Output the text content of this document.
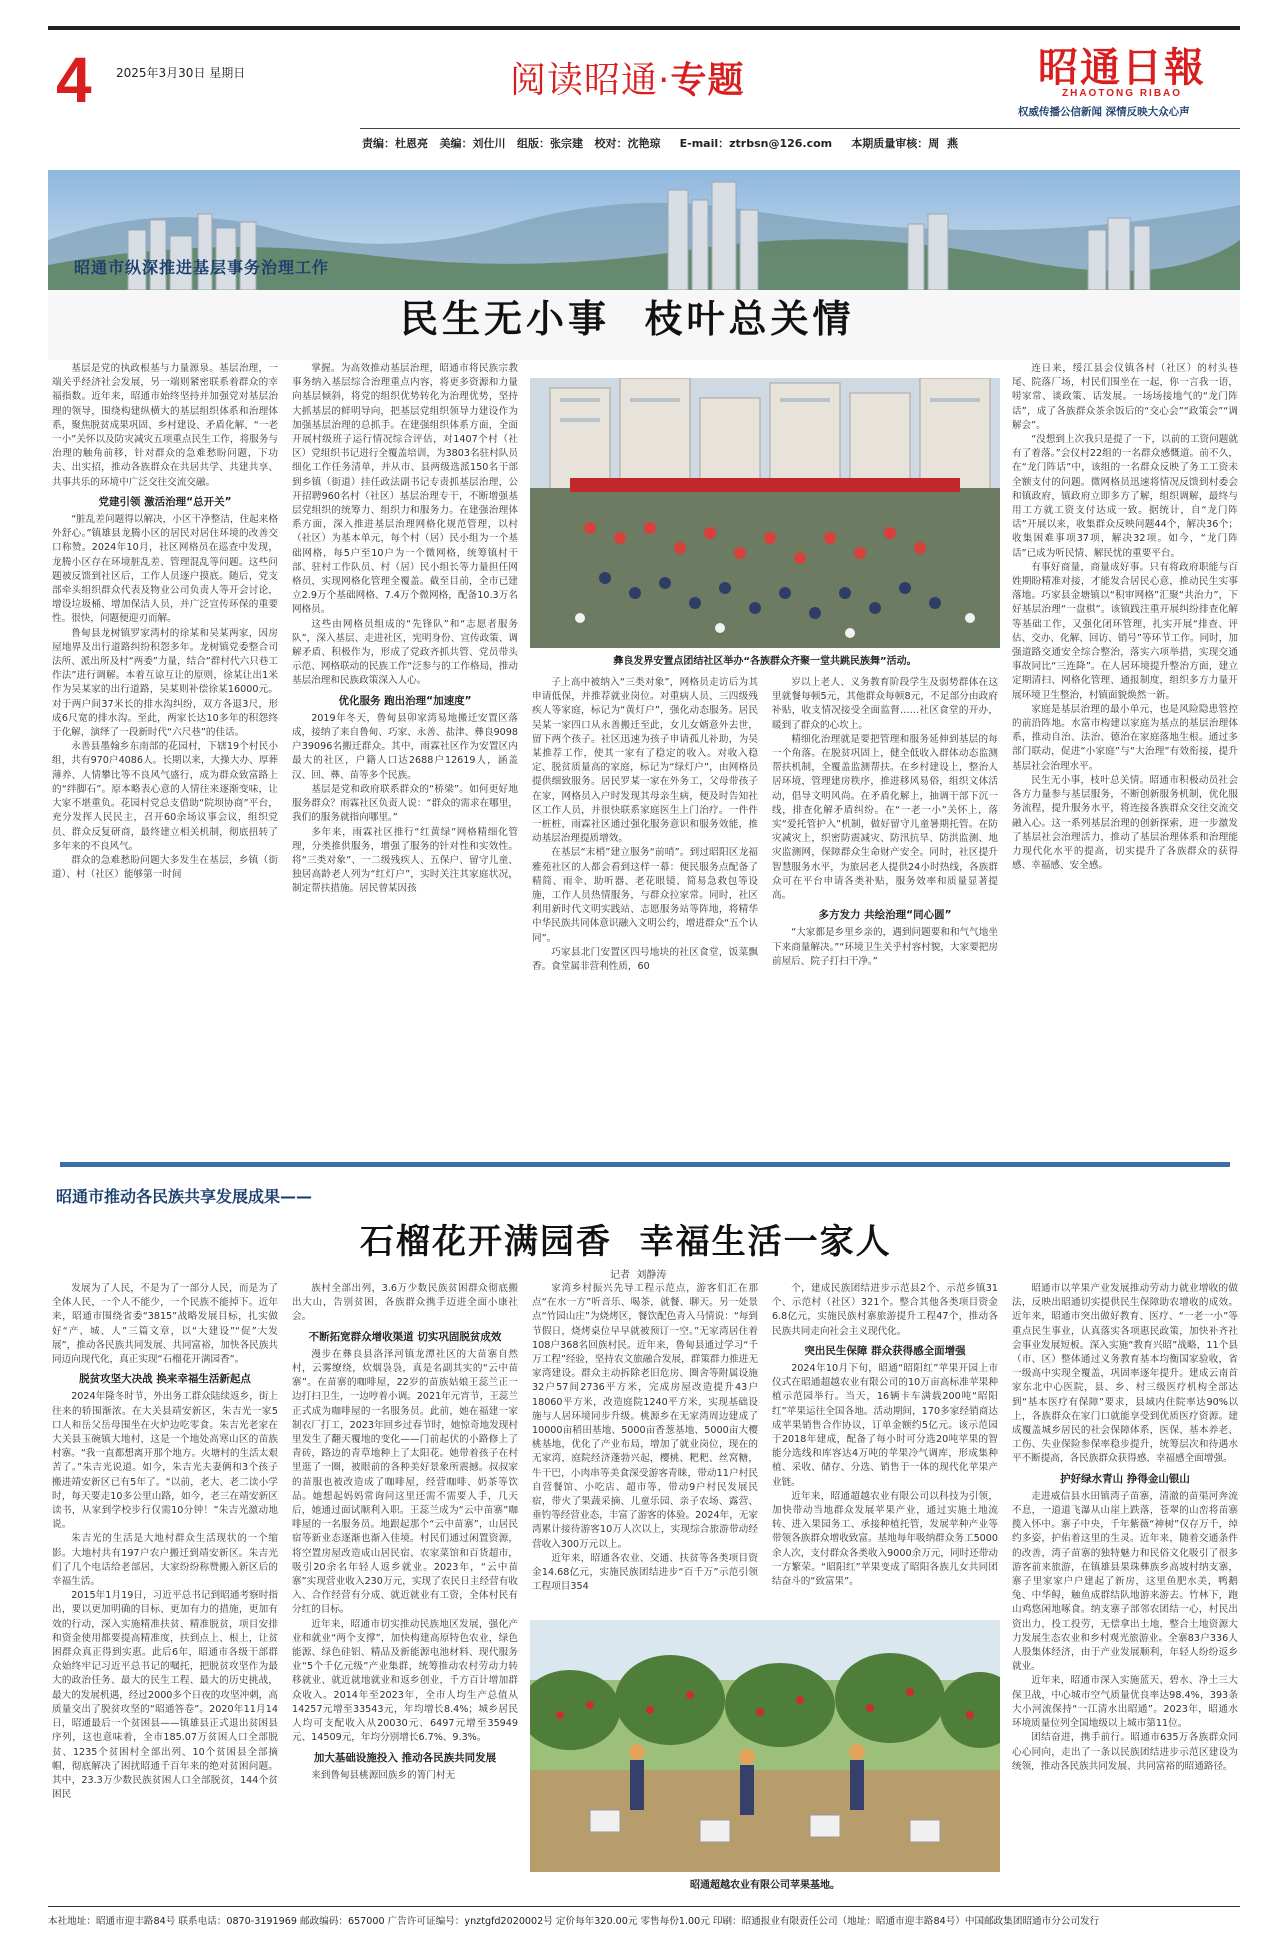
4 2025年3月30日 星期日	阅读昭通·专题	昭通日報
ZHAOTONG RIBAO
权威传播公信新闻 深情反映大众心声
责编：杜恩亮   美编：刘仕川   组版：张宗建   校对：沈艳琼     E-mail：ztrbsn@126.com     本期质量审核：周  燕
昭通市纵深推进基层事务治理工作
民生无小事  枝叶总关情

基层是党的执政根基与力量源泉。基层治理，一端关乎经济社会发展，另一端则紧密联系着群众的幸福指数。近年来，昭通市始终坚持并加强党对基层治理的领导，围绕构建纵横大的基层组织体系和治理体系，聚焦脱贫成果巩固、乡村建设、矛盾化解、“一老一小”关怀以及防灾减灾五项重点民生工作，将服务与治理的触角前移，针对群众的急难愁盼问题，下功夫、出实招，推动各族群众在共居共学、共建共享、共事共乐的环境中广泛交往交流交融。

党建引领 激活治理“总开关”

“脏乱差问题得以解决，小区干净整洁，住起来格外舒心。”镇雄县龙腾小区的居民对居住环境的改善交口称赞。2024年10月，社区网格员在巡查中发现，龙腾小区存在环境脏乱差、管理混乱等问题。这些问题被反馈到社区后，工作人员逐户摸底。随后，党支部牵头组织群众代表及物业公司负责人等开会讨论，增设垃圾桶、增加保洁人员，并广泛宣传环保的重要性。很快，问题便迎刃而解。

鲁甸县龙树镇罗家湾村的徐某和吴某两家，因房屋地界及出行道路纠纷积怨多年。龙树镇党委整合司法所、派出所及村“两委”力量，结合“群村代六只巷工作法”进行调解。本着互谅互让的原则，徐某让出1米作为吴某家的出行道路，吴某则补偿徐某16000元。对于两户间37米长的排水沟纠纷，双方各退3尺，形成6尺宽的排水沟。至此，两家长达10多年的积怨终于化解，演绎了一段新时代“六尺巷”的佳话。

永善县墨翰乡东南部的花园村，下辖19个村民小组，共有970户4086人。长期以来，大操大办、厚葬薄养、人情攀比等不良风气盛行，成为群众致富路上的“绊脚石”。原本略表心意的人情往来逐渐变味，让大家不堪重负。花园村党总支借助“院坝协商”平台，充分发挥人民民主，召开60余场议事会议，组织党员、群众反复研商，最终建立相关机制，彻底扭转了多年来的不良风气。

群众的急难愁盼问题大多发生在基层，乡镇（街道）、村（社区）能够第一时间

掌握。为高效推动基层治理，昭通市将民族宗教事务纳入基层综合治理重点内容，将更多资源和力量向基层倾斜，将党的组织优势转化为治理优势，坚持大抓基层的鲜明导向，把基层党组织领导力建设作为加强基层治理的总抓手。在建强组织体系方面，全面开展村级班子运行情况综合评估，对1407个村（社区）党组织书记进行全覆盖培训，为3803名驻村队员细化工作任务清单，并从市、县两级选派150名干部到乡镇（街道）挂任政法副书记专责抓基层治理，公开招聘960名村（社区）基层治理专干，不断增强基层党组织的统筹力、组织力和服务力。在建强治理体系方面，深入推进基层治理网格化规范管理，以村（社区）为基本单元，每个村（居）民小组为一个基础网格，每5户至10户为一个微网格，统筹镇村干部、驻村工作队员、村（居）民小组长等力量担任网格员，实现网格化管理全覆盖。截至目前，全市已建立2.9万个基础网格、7.4万个微网格，配备10.3万名网格员。

这些由网格员组成的“先锋队”和“志愿者服务队”，深入基层、走进社区，宪明身份、宣传政策、调解矛盾、积极作为，形成了党政齐抓共管、党员带头示范、网格联动的民族工作“泛参与的工作格局，推动基层治理和民族政策深入人心。

优化服务 跑出治理“加速度”

2019年冬天，鲁甸县卯家湾易地搬迁安置区落成，接纳了来自鲁甸、巧家、永善、盐津、彝良9098户39096名搬迁群众。其中，雨霖社区作为安置区内最大的社区，户籍人口达2688户12619人，涵盖汉、回、彝、苗等多个民族。

基层是党和政府联系群众的“桥梁”。如何更好地服务群众？雨霖社区负责人说：“群众的需求在哪里，我们的服务就指向哪里。”

多年来，雨霖社区推行“红黄绿”网格精细化管理，分类推供服务，增强了服务的针对性和实效性。将“三类对象”、一二级残疾人、五保户、留守儿童、独居高龄老人列为“红灯户”，实时关注其家庭状况，制定帮扶措施。居民曾某因孩

彝良发界安置点团结社区举办“各族群众齐聚一堂共跳民族舞”活动。

子上高中被纳入“三类对象”，网格员走访后为其申请低保，并推荐就业岗位。对重病人员、三四级残疾人等家庭，标记为“黄灯户”，强化动态服务。居民吴某一家四口从永善搬迁至此，女儿女婿意外去世，留下两个孩子。社区迅速为孩子申请孤儿补助，为吴某推荐工作，使其一家有了稳定的收入。对收入稳定、脱贫质量高的家庭，标记为“绿灯户”，由网格员提供细致服务。居民罗某一家在外务工，父母带孩子在家，网格员入户时发现其母亲生病，便及时告知社区工作人员，并很快联系家庭医生上门治疗。一件件一桩桩，雨霖社区通过强化服务意识和服务效能，推动基层治理提质增效。

在基层“末梢”建立服务“前哨”。到过昭阳区龙福雅苑社区的人都会看到这样一幕：便民服务点配备了精简、雨伞、助听器、老花眼镜、简易急救包等设施，工作人员热情服务，与群众拉家常。同时，社区利用新时代文明实践站、志愿服务站等阵地，将精华中华民族共同体意识融入文明公约，增进群众“五个认同”。

巧家县北门安置区四号地块的社区食堂，饭菜飘香。食堂属非营利性质，60

岁以上老人、义务教育阶段学生及弱势群体在这里就餐每顿5元，其他群众每顿8元，不足部分由政府补贴，收支情况接受全面监督……社区食堂的开办，暖到了群众的心坎上。

精细化治理就是要把管理和服务延伸到基层的每一个角落。在脱贫巩固上，健全低收入群体动态监测帮扶机制，全覆盖监测帮扶。在乡村建设上，整治人居环境，管理建房秩序，推进移风易俗，组织文体活动，倡导文明风尚。在矛盾化解上，抽调干部下沉一线，排查化解矛盾纠纷。在“一老一小”关怀上，落实“爱托管护入”机制，做好留守儿童暑期托管。在防灾减灾上，织密防震减灾、防汛抗旱、防洪监测、地灾监测网，保障群众生命财产安全。同时，社区提升智慧服务水平，为旅居老人提供24小时热线，各族群众可在平台申请各类补贴，服务效率和质量显著提高。

多方发力 共绘治理“同心圆”

“大家都是乡里乡亲的，遇到问题要和和气气地坐下来商量解决。”“环境卫生关乎村容村貌，大家要把房前屋后、院子打扫干净。”

连日来，绥江县会仪镇各村（社区）的村头巷尾、院落厂场，村民们围坐在一起，你一言我一语，唠家常、谈政策、话发展。一场场接地气的“龙门阵话”，成了各族群众茶余饭后的“交心会”“政策会”“调解会”。

“没想到上次我只是提了一下，以前的工资问题就有了着落。”会仪村22组的一名群众感慨道。前不久，在“龙门阵话”中，该组的一名群众反映了务工工资未全额支付的问题。微网格员迅速将情况反馈到村委会和镇政府，镇政府立即多方了解，组织调解，最终与用工方就工资支付达成一致。据统计，自“龙门阵话”开展以来，收集群众反映问题44个，解决36个；收集困难事项37项，解决32项。如今，“龙门阵话”已成为听民情、解民忧的重要平台。

有事好商量，商量成好事。只有将政府职能与百姓期盼精准对接，才能发合居民心意，推动民生实事落地。巧家县金塘镇以“积审网格”汇聚“共治力”，下好基层治理“一盘棋”。该镇践注重开展纠纷排查化解等基础工作，又强化闭环管理，扎实开展“排查、评估、交办、化解、回访、销号”等环节工作。同时，加强道路交通安全综合整治，落实六项举措，实现交通事故同比“三连降”。在人居环境提升整治方面，建立定期清扫、网格化管理、通报制度，组织多方力量开展环境卫生整治，村镇面貌焕然一新。

家庭是基层治理的最小单元，也是风险隐患管控的前沿阵地。水富市构建以家庭为基点的基层治理体系，推动自治、法治、德治在家庭落地生根。通过多部门联动，促进“小家庭”与“大治理”有效衔接，提升基层社会治理水平。

民生无小事，枝叶总关情。昭通市积极动员社会各方力量参与基层服务，不断创新服务机制，优化服务流程，提升服务水平，将连接各族群众交往交流交融入心。这一系列基层治理的创新探索，进一步激发了基层社会治理活力，推动了基层治理体系和治理能力现代化水平的提高，切实提升了各族群众的获得感、幸福感、安全感。

昭通市推动各民族共享发展成果——
石榴花开满园香  幸福生活一家人
记者  刘静涛

发展为了人民，不是为了一部分人民，而是为了全体人民，一个人不能少，一个民族不能掉下。近年来，昭通市围绕省委“3815”战略发展目标，扎实做好“产、城、人”三篇文章，以“大建设”“促”大发展”，推动各民族共同发展、共同富裕，加快各民族共同迈向现代化，真正实现“石榴花开满园香”。

脱贫攻坚大决战 换来幸福生活新起点

2024年隆冬时节，外出务工群众陆续返乡，街上往来的轿围渐浓。在大关县靖安新区，朱吉光一家5口人和岳父岳母围坐在火炉边吃零食。朱吉光老家在大关县玉碗镇大地村，这是一个地处高寒山区的苗族村寨。“我一直都想离开那个地方。火塘村的生活太艰苦了。”朱吉光说道。如今，朱吉光夫妻俩和3个孩子搬进靖安新区已有5年了。“以前，老大、老二读小学时，每天要走10多公里山路，如今，老三在靖安新区读书，从家到学校步行仅需10分钟！”朱吉光激动地说。

朱吉光的生活是大地村群众生活现状的一个缩影。大地村共有197户农户搬迁到靖安新区。朱吉光们了几个电话给老部居，大家纷纷称赞搬入新区后的幸福生活。

2015年1月19日，习近平总书记到昭通考察时指出，要以更加明确的目标、更加有力的措施，更加有效的行动，深入实施精准扶贫、精准脱贫，项目安排和资金使用都要提高精准度，扶到点上、根上，让贫困群众真正得到实惠。此后6年，昭通市各级干部群众始终牢记习近平总书记的嘱托，把脱贫攻坚作为最大的政治任务、最大的民生工程、最大的历史挑战，最大的发展机遇，经过2000多个日夜的攻坚冲刺，高质量交出了脱贫攻坚的“昭通答卷”。2020年11月14日，昭通最后一个贫困县——镇雄县正式退出贫困县序列，这也意味着，全市185.07万贫困人口全部脱贫、1235个贫困村全部出列、10个贫困县全部摘帽，彻底解决了困扰昭通千百年来的绝对贫困问题。其中，23.3万少数民族贫困人口全部脱贫，144个贫困民

族村全部出列，3.6万少数民族贫困群众彻底搬出大山，告别贫困，各族群众携手迈进全面小康社会。

不断拓宽群众增收渠道 切实巩固脱贫成效

漫步在彝良县洛泽河镇龙潭社区的大苗寨自然村，云雾缭绕，炊烟袅袅，真是名副其实的“云中苗寨”。在苗寨的咖啡屋，22岁的苗族姑娘王蕊兰正一边打扫卫生，一边哼着小调。2021年元宵节，王蕊兰正式成为咖啡屋的一名服务员。此前，她在福建一家制衣厂打工，2023年回乡过春节时，她惊奇地发现村里发生了翻天覆地的变化——门前起伏的小路修上了青砖，路边的青草地种上了太阳花。她带着孩子在村里逛了一圈，被眼前的各种美好景象所震撼。叔叔家的苗服也被改造成了咖啡屋，经营咖啡、奶茶等饮品。她想起妈妈常询问这里还需不需要人手，几天后，她通过面试顺利入职。王蕊兰成为“云中苗寨”咖啡屋的一名服务员。地跟起那个“云中苗寨”，山居民宿等新业态逐渐也渐入佳境。村民们通过闲置资源，将空置房屋改造成山居民宿、农家菜馆和百货超市，吸引20余名年轻人返乡就业。2023年，“云中苗寨”实现营业收入230万元，实现了农民日主经营有收入、合作经营有分成、就近就业有工资，全体村民有分红的目标。

近年来，昭通市切实推动民族地区发展，强化产业和就业“两个支撑”，加快构建高原特色农业，绿色能源、绿色硅铝、精品及新能源电池材料、现代服务业“5个千亿元级”产业集群，统筹推动农村劳动力转移就业、就近就地就业和返乡创业，千方百计增加群众收入。2014年至2023年，全市人均生产总值从14257元增至33543元，年均增长8.4%；城乡居民人均可支配收入从20030元、6497元增至35949元、14509元，年均分别增长6.7%、9.3%。

加大基础设施投入 推动各民族共同发展

来到鲁甸县桃源回族乡的箐门村无

家湾乡村振兴先导工程示范点，游客们汇在那点“在水一方”听音乐、喝茶，就餐、聊天。另一处景点“竹园山庄”为烧烤区，餐饮配色青入马情说：“每到节假日，烧烤桌位早早就被预订一空。”无家湾居住着108户368名回族村民。近年来，鲁甸县通过学习“千万工程”经验，坚持农文旅融合发展，群策群力推进无家湾建设。群众主动拆除老旧危房、圈舍等附属设施32户57间2736平方米，完成房屋改造提升43户18060平方米，改造庭院1240平方米，实现基础设施与人居环境同步升级。桃源乡在无家湾周边建成了10000亩稻田基地、5000亩香葱基地、5000亩大樱桃基地，优化了产业布局，增加了就业岗位，现在的无家湾，庭院经济蓬勃兴起，樱桃、粑粑、丝窝糖，牛干巴，小肉串等美食深受游客青睐，带动11户村民自营餐馆、小吃店、超市等，带动9户村民发展民宿，带火了果蔬采摘、儿童乐园、亲子农场、露营、垂钓等经营业态，丰富了游客的体验。2024年，无家湾累计接待游客10万人次以上，实现综合旅游带动经营收入300万元以上。

近年来，昭通各农业、交通、扶贫等各类项目资金14.68亿元，实施民族团结进步“百千万”示范引领工程项目354

个，建成民族团结进步示范县2个、示范乡镇31个、示范村（社区）321个。整合其他各类项目资金6.8亿元，实施民族村寨旅游提升工程47个，推动各民族共同走向社会主义现代化。

突出民生保障 群众获得感全面增强

2024年10月下旬，昭通“昭阳红”苹果开园上市仪式在昭通超越农业有限公司的10万亩高标准苹果种植示范园举行。当天，16辆卡车满载200吨“昭阳红”苹果运往全国各地。活动期间，170多家经销商达成苹果销售合作协议，订单金额约5亿元。该示范园于2018年建成，配备了每小时可分选20吨苹果的智能分选线和库容达4万吨的苹果冷气调库，形成集种植、采收、储存、分选、销售于一体的现代化苹果产业链。

近年来，昭通超越农业有限公司以科技为引领，加快带动当地群众发展苹果产业，通过实施土地流转、进入果园务工、承接种植托管，发展苹种产业等带领各族群众增收致富。基地每年吸纳群众务工5000余人次，支付群众各类收入9000余万元，同时还带动一方繁荣。“昭阳红”苹果变成了昭阳各族儿女共同团结奋斗的“致富果”。

昭通超越农业有限公司苹果基地。

昭通市以苹果产业发展推动劳动力就业增收的做法，反映出昭通切实提供民生保障助农增收的成效。近年来，昭通市突出做好教育、医疗、“一老一小”等重点民生事业，认真落实各项惠民政策，加快补齐社会事业发展短板。深入实施“教育兴昭”战略，11个县（市、区）整体通过义务教育基本均衡国家验收，省一级高中实现全覆盖，巩固率逐年提升。建成云南首家东北中心医院，县、乡、村三级医疗机构全部达到“基本医疗有保障”要求，县域内住院率达90%以上，各族群众在家门口就能享受到优质医疗资源。建成覆盖城乡居民的社会保障体系，医保、基本养老、工伤、失业保险参保率稳步提升，统筹层次和待遇水平不断提高，各民族群众获得感、幸福感全面增强。

护好绿水青山 挣得金山银山

走进威信县水田镇湾子苗寨，清澈的苗渠河奔流不息，一道道飞瀑从山崖上跌落，苍翠的山峦将苗寨揽入怀中。寨子中央，千年紫薇“神树”仅存万千，绰约多姿，护佑着这里的生灵。近年来，随着交通条件的改善，湾子苗寨的独特魅力和民俗文化吸引了很多游客前来旅游，在镇雄县果珠彝族乡高坡村纳支寨，寨子里家家户户建起了新房，这里鱼肥水美，鸭鹅兔、中华鲟，触鱼成群结队地游来游去。竹林下，跑山鸡悠闲地啄食。纳支寨子部邻农团结一心，村民出资出力，投工投劳，无偿拿出土地，整合土地资源大力发展生态农业和乡村观光旅游业。全寨83户336人人股集体经济，由于产业发展顺利，年轻人纷纷返乡就业。

近年来，昭通市深入实施蓝天、碧水、净土三大保卫战，中心城市空气质量优良率达98.4%，393条大小河流保持“一江清水出昭通”。2023年，昭通水环境质量位列全国地级以上城市第11位。

团结奋进，携手前行。昭通市635万各族群众同心心同向，走出了一条以民族团结进步示范区建设为统领，推动各民族共同发展、共同富裕的昭通路径。

本社地址：昭通市迎丰路84号 联系电话：0870-3191969 邮政编码：657000 广告许可证编号：ynztgfd2020002号 定价每年320.00元 零售每份1.00元 印刷：昭通报业有限责任公司（地址：昭通市迎丰路84号）中国邮政集团昭通市分公司发行
